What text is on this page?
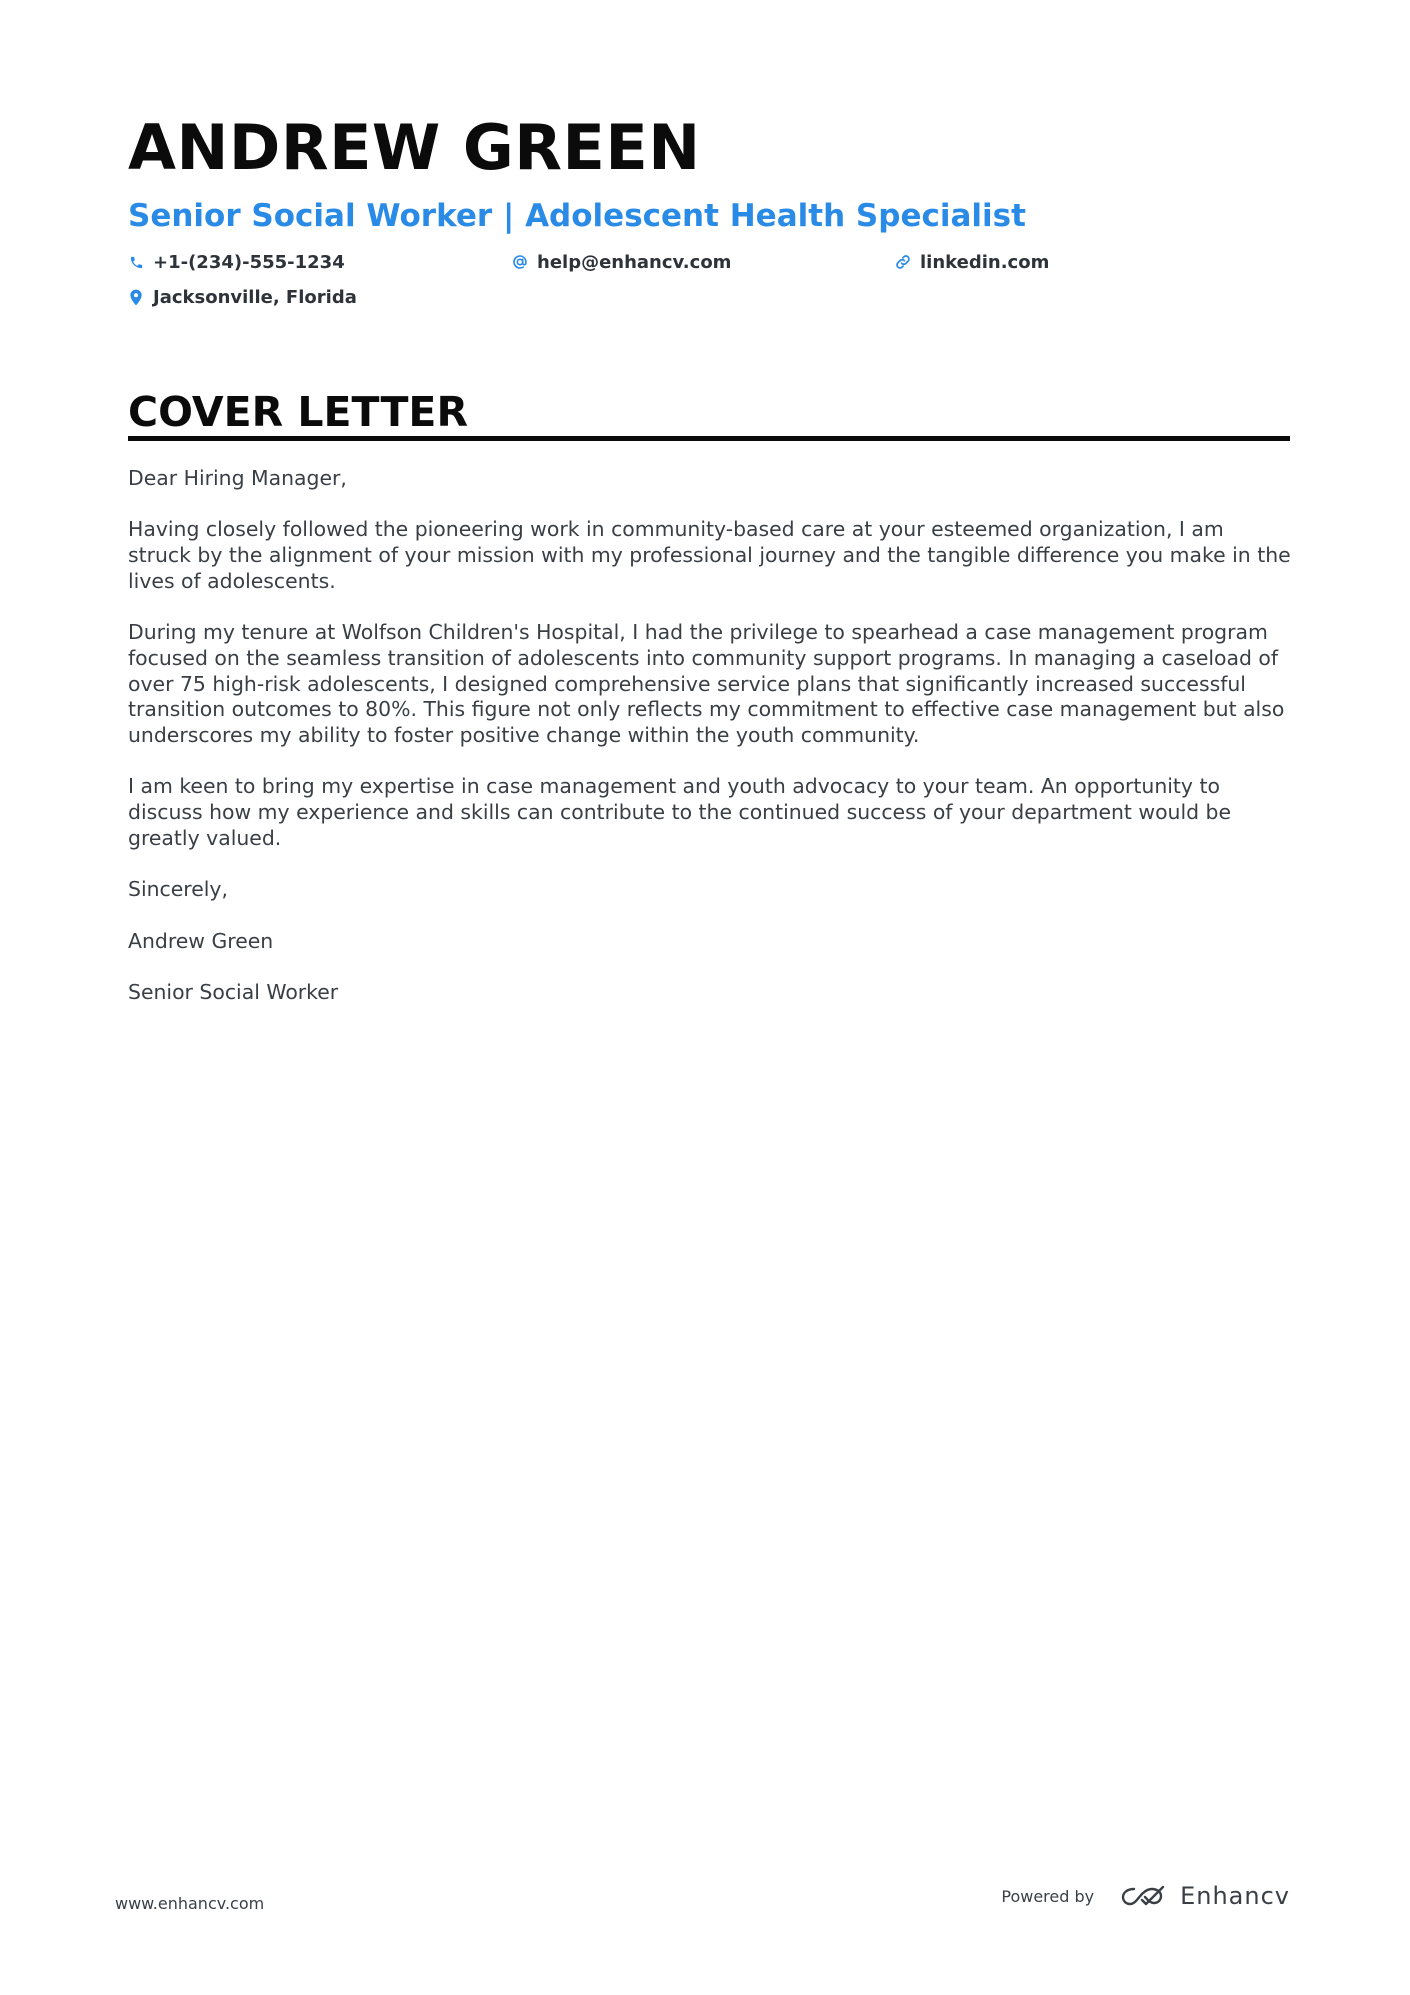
ANDREW GREEN
Senior Social Worker | Adolescent Health Specialist
+1-(234)-555-1234	help@enhancv.com	linkedin.com
Jacksonville, Florida
COVER LETTER

Dear Hiring Manager,

Having closely followed the pioneering work in community-based care at your esteemed organization, I am struck by the alignment of your mission with my professional journey and the tangible difference you make in the lives of adolescents.

During my tenure at Wolfson Children's Hospital, I had the privilege to spearhead a case management program focused on the seamless transition of adolescents into community support programs. In managing a caseload of over 75 high-risk adolescents, I designed comprehensive service plans that significantly increased successful transition outcomes to 80%. This figure not only reflects my commitment to effective case management but also underscores my ability to foster positive change within the youth community.

I am keen to bring my expertise in case management and youth advocacy to your team. An opportunity to discuss how my experience and skills can contribute to the continued success of your department would be greatly valued.

Sincerely,

Andrew Green

Senior Social Worker

www.enhancv.com	Powered by	Enhancv
